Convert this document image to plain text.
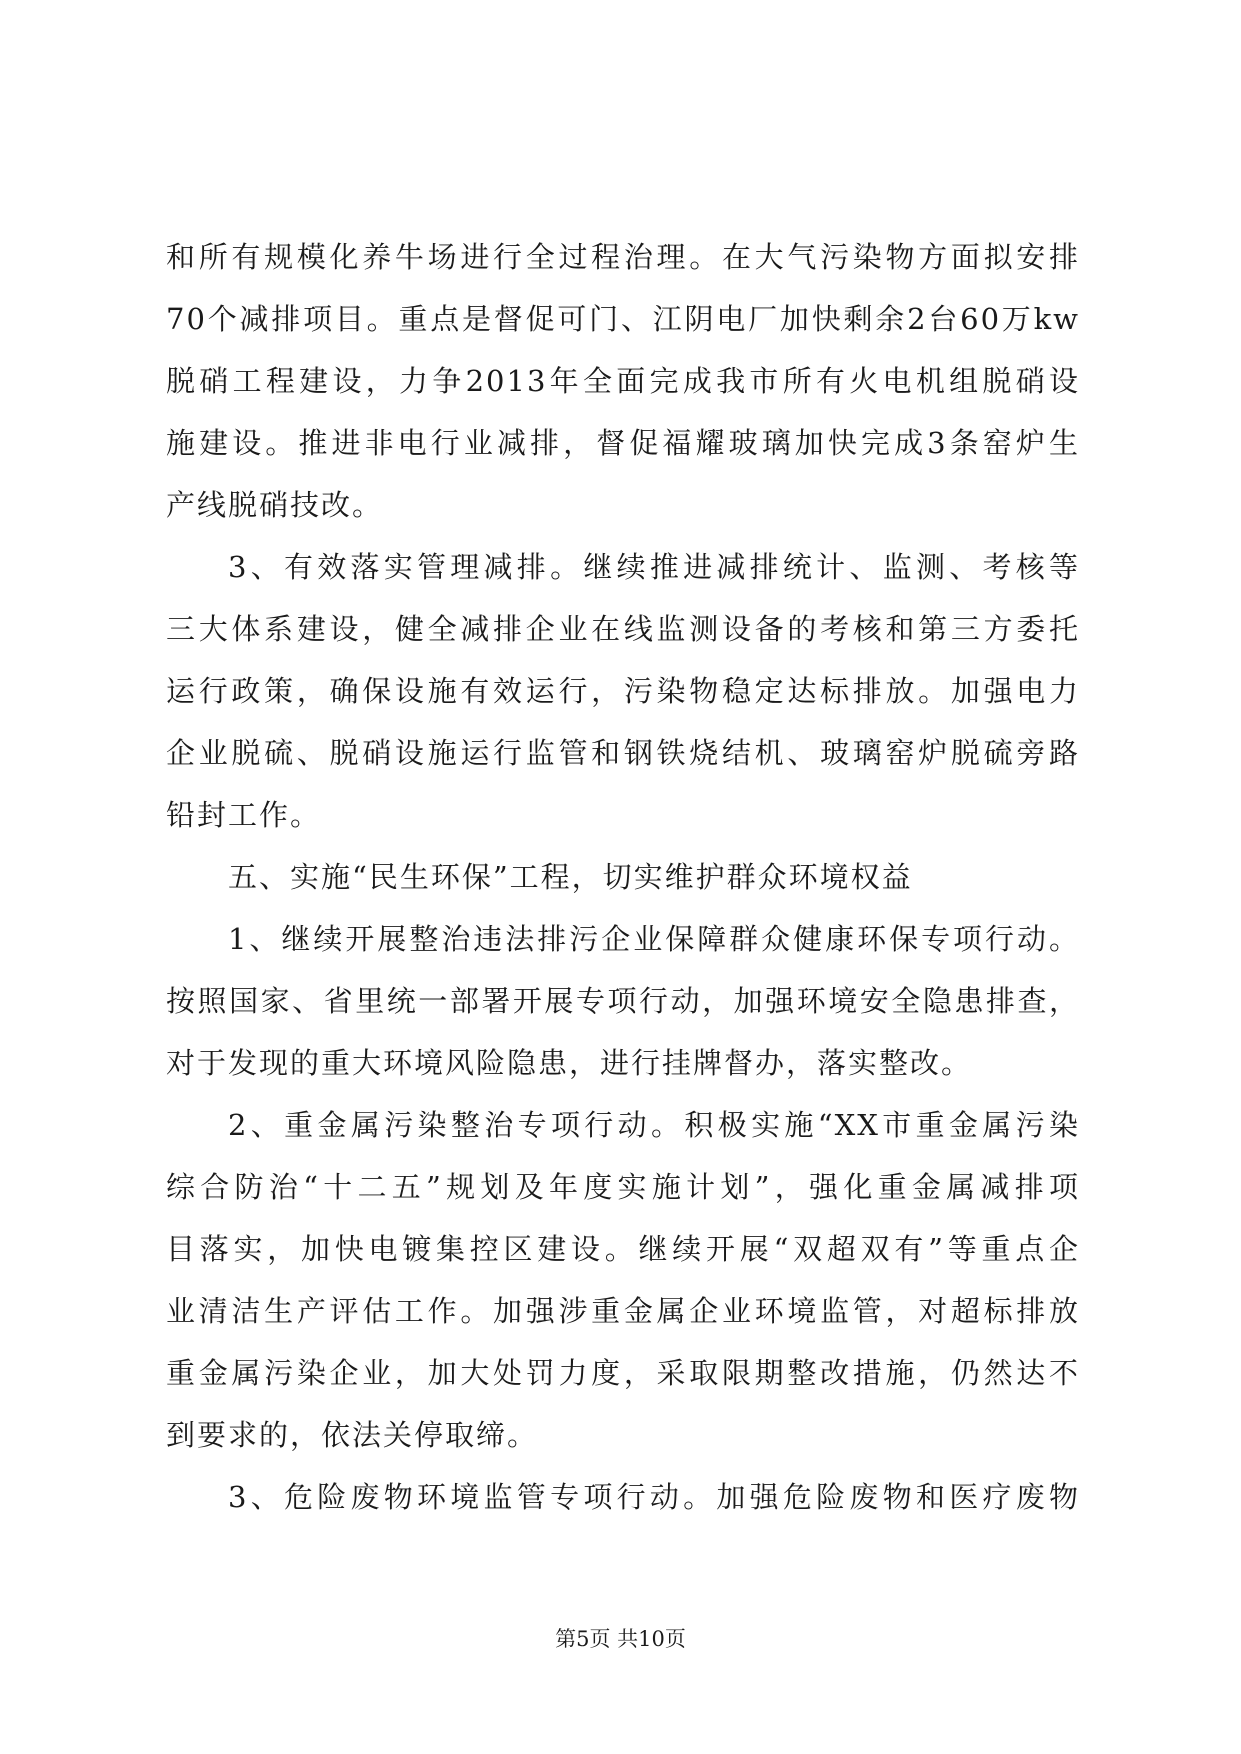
和所有规模化养牛场进行全过程治理。在大气污染物方面拟安排
70个减排项目。重点是督促可门、江阴电厂加快剩余2台60万kw
脱硝工程建设，力争2013年全面完成我市所有火电机组脱硝设
施建设。推进非电行业减排，督促福耀玻璃加快完成3条窑炉生
产线脱硝技改。
3、有效落实管理减排。继续推进减排统计、监测、考核等
三大体系建设，健全减排企业在线监测设备的考核和第三方委托
运行政策，确保设施有效运行，污染物稳定达标排放。加强电力
企业脱硫、脱硝设施运行监管和钢铁烧结机、玻璃窑炉脱硫旁路
铅封工作。
五、实施“民生环保”工程，切实维护群众环境权益
1、继续开展整治违法排污企业保障群众健康环保专项行动。
按照国家、省里统一部署开展专项行动，加强环境安全隐患排查，
对于发现的重大环境风险隐患，进行挂牌督办，落实整改。
2、重金属污染整治专项行动。积极实施“XX市重金属污染
综合防治“十二五”规划及年度实施计划”，强化重金属减排项
目落实，加快电镀集控区建设。继续开展“双超双有”等重点企
业清洁生产评估工作。加强涉重金属企业环境监管，对超标排放
重金属污染企业，加大处罚力度，采取限期整改措施，仍然达不
到要求的，依法关停取缔。
3、危险废物环境监管专项行动。加强危险废物和医疗废物
第5页 共10页
